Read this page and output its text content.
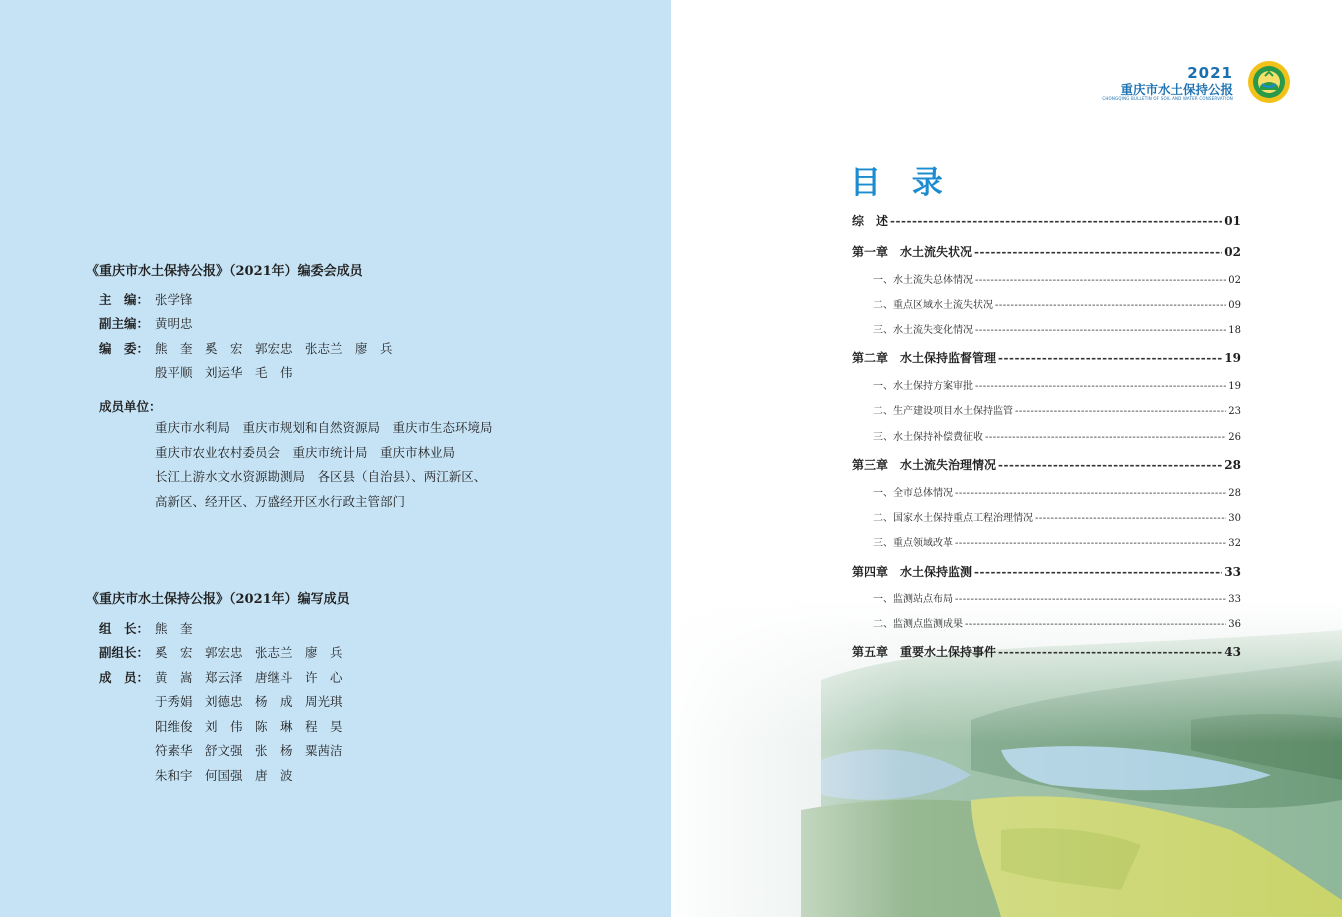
《重庆市水土保持公报》（2021年）编委会成员
主　编： 张学锋
副主编： 黄明忠
编　委： 熊　奎　奚　宏　郭宏忠　张志兰　廖　兵
殷平顺　刘运华　毛　伟
成员单位：
重庆市水利局　重庆市规划和自然资源局　重庆市生态环境局
重庆市农业农村委员会　重庆市统计局　重庆市林业局
长江上游水文水资源勘测局　各区县（自治县）、两江新区、
高新区、经开区、万盛经开区水行政主管部门
《重庆市水土保持公报》（2021年）编写成员
组　长： 熊　奎
副组长： 奚　宏　郭宏忠　张志兰　廖　兵
成　员： 黄　嵩　郑云泽　唐继斗　许　心
于秀娟　刘德忠　杨　成　周光琪
阳维俊　刘　伟　陈　琳　程　昊
符素华　舒文强　张　杨　粟茜洁
朱和宇　何国强　唐　波
2021
重庆市水土保持公报
CHONGQING BULLETIN OF SOIL AND WATER CONSERVATION
目 录
综　述 -----	01
第一章　水土流失状况 -----	02
一、水土流失总体情况 -----	02
二、重点区域水土流失状况 -----	09
三、水土流失变化情况 -----	18
第二章　水土保持监督管理 -----	19
一、水土保持方案审批 -----	19
二、生产建设项目水土保持监管 -----	23
三、水土保持补偿费征收 -----	26
第三章　水土流失治理情况 -----	28
一、全市总体情况 -----	28
二、国家水土保持重点工程治理情况 -----	30
三、重点领域改革 -----	32
第四章　水土保持监测 -----	33
一、监测站点布局 -----	33
二、监测点监测成果 -----	36
第五章　重要水土保持事件 -----	43
